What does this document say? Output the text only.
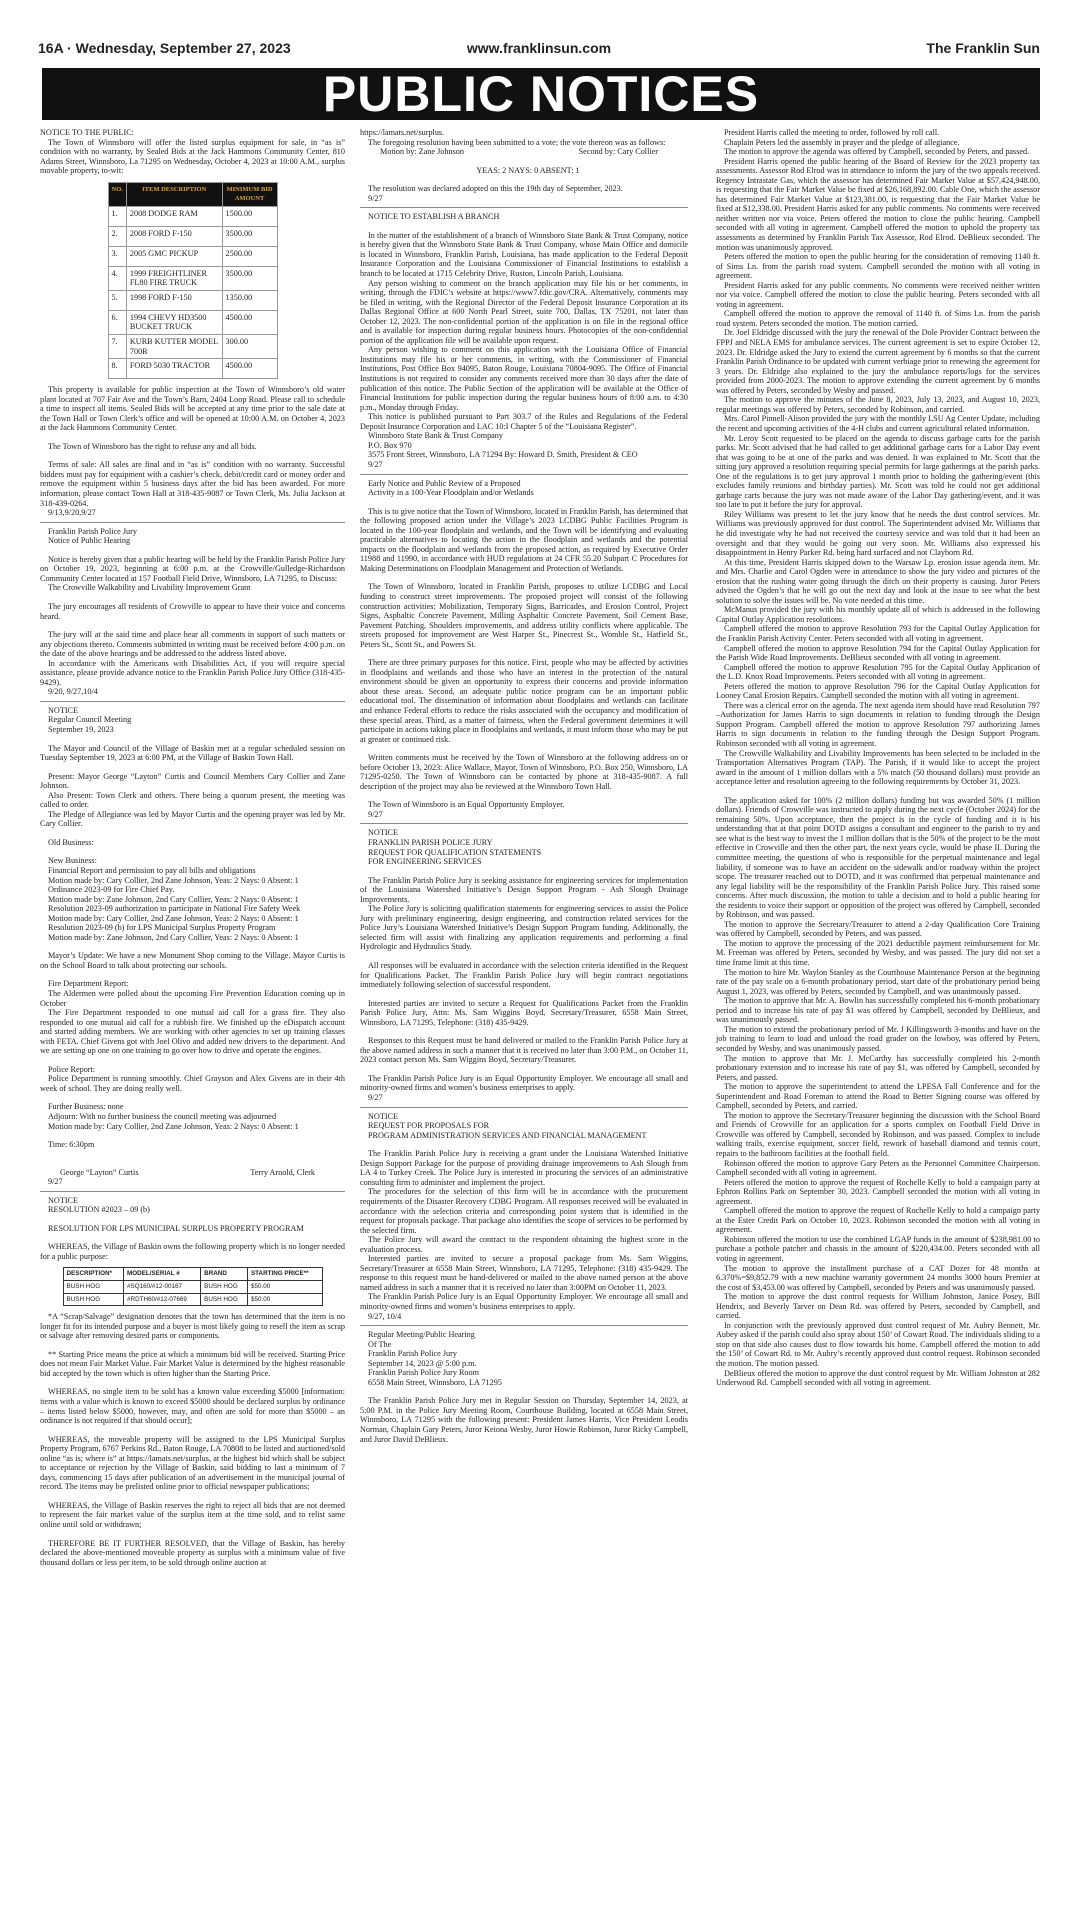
16A · Wednesday, September 27, 2023	www.franklinsun.com	The Franklin Sun
PUBLIC NOTICES

NOTICE TO THE PUBLIC:

The Town of Winnsboro will offer the listed surplus equipment for sale, in “as is” condition with no warranty, by Sealed Bids at the Jack Hammons Community Center, 810 Adams Street, Winnsboro, La 71295 on Wednesday, October 4, 2023 at 10:00 A.M., surplus movable property, to-wit:

NO.	ITEM DESCRIPTION	MINIMUM BID AMOUNT
1.	2008 DODGE RAM	1500.00
2.	2008 FORD F-150	3500.00
3.	2005 GMC PICKUP	2500.00
4.	1999 FREIGHTLINER FL80 FIRE TRUCK	3500.00
5.	1998 FORD F-150	1350.00
6.	1994 CHEVY HD3500 BUCKET TRUCK	4500.00
7.	KURB KUTTER MODEL 700R	300.00
8.	FORD 5030 TRACTOR	4500.00

This property is available for public inspection at the Town of Winnsboro’s old water plant located at 707 Fair Ave and the Town’s Barn, 2404 Loop Road. Please call to schedule a time to inspect all items. Sealed Bids will be accepted at any time prior to the sale date at the Town Hall or Town Clerk’s office and will be opened at 10:00 A.M. on October 4, 2023 at the Jack Hammons Community Center.

The Town of Winnsboro has the right to refuse any and all bids.

Terms of sale: All sales are final and in “as is” condition with no warranty. Successful bidders must pay for equipment with a cashier’s check, debit/credit card or money order and remove the equipment within 5 business days after the bid has been awarded. For more information, please contact Town Hall at 318-435-9087 or Town Clerk, Ms. Julia Jackson at 318-439-0264.

9/13,9/20,9/27

Franklin Parish Police Jury

Notice of Public Hearing

Notice is hereby given that a public hearing will be held by the Franklin Parish Police Jury on October 19, 2023, beginning at 6:00 p.m. at the Crowville/Gulledge-Richardson Community Center located at 157 Football Field Drive, Winnsboro, LA 71295, to Discuss:

The Crowville Walkability and Livability Improvement Grant

The jury encourages all residents of Crowville to appear to have their voice and concerns heard.

The jury will at the said time and place hear all comments in support of such matters or any objections thereto. Comments submitted in writing must be received before 4:00 p.m. on the date of the above hearings and be addressed to the address listed above.

In accordance with the Americans with Disabilities Act, if you will require special assistance, please provide advance notice to the Franklin Parish Police Jury Office (318-435-9429).

9/20, 9/27,10/4

NOTICE

Regular Council Meeting

September 19, 2023

The Mayor and Council of the Village of Baskin met at a regular scheduled session on Tuesday September 19, 2023 at 6:00 PM, at the Village of Baskin Town Hall.

Present: Mayor George “Layton” Curtis and Council Members Cary Collier and Zane Johnson.

Also Present: Town Clerk and others. There being a quorum present, the meeting was called to order.

The Pledge of Allegiance was led by Mayor Curtis and the opening prayer was led by Mr. Cary Collier.

Old Business:

New Business:

Financial Report and permission to pay all bills and obligations

Motion made by: Cary Collier, 2nd Zane Johnson, Yeas: 2 Nays: 0 Absent: 1

Ordinance 2023-09 for Fire Chief Pay.

Motion made by: Zane Johnson, 2nd Cary Collier, Yeas: 2 Nays: 0 Absent: 1

Resolution 2023-09 authorization to participate in National Fire Safety Week

Motion made by: Cary Collier, 2nd Zane Johnson, Yeas: 2 Nays: 0 Absent: 1

Resolution 2023-09 (b) for LPS Municipal Surplus Property Program

Motion made by: Zane Johnson, 2nd Cary Collier, Yeas: 2 Nays: 0 Absent: 1

Mayor’s Update: We have a new Monument Shop coming to the Village. Mayor Curtis is on the School Board to talk about protecting our schools.

Fire Department Report:

The Aldermen were polled about the upcoming Fire Prevention Education coming up in October

The Fire Department responded to one mutual aid call for a grass fire. They also responded to one mutual aid call for a rubbish fire. We finished up the eDispatch account and started adding members. We are working with other agencies to set up training classes with FETA. Chief Givens got with Joel Olivo and added new drivers to the department. And we are setting up one on one training to go over how to drive and operate the engines.

Police Report:

Police Department is running smoothly. Chief Grayson and Alex Givens are in their 4th week of school. They are doing really well.

Further Business: none

Adjourn: With no further business the council meeting was adjourned

Motion made by: Cary Collier, 2nd Zane Johnson, Yeas: 2 Nays: 0 Absent: 1

Time: 6:30pm

George “Layton” Curtis	Terry Arnold, Clerk

9/27

NOTICE

RESOLUTION #2023 – 09 (b)

RESOLUTION FOR LPS MUNICIPAL SURPLUS PROPERTY PROGRAM

WHEREAS, the Village of Baskin owns the following property which is no longer needed for a public purpose:

DESCRIPTION*	MODEL/SERIAL #	BRAND	STARTING PRICE**
BUSH HOG	#SQ160/#12-00167	BUSH HOG	$50.00
BUSH HOG	#RDTH60/#12-07669	BUSH HOG	$50.00

*A “Scrap/Salvage” designation denotes that the town has determined that the item is no longer fit for its intended purpose and a buyer is most likely going to resell the item as scrap or salvage after removing desired parts or components.

** Starting Price means the price at which a minimum bid will be received. Starting Price does not mean Fair Market Value. Fair Market Value is determined by the highest reasonable bid accepted by the town which is often higher than the Starting Price.

WHEREAS, no single item to be sold has a known value exceeding $5000 [information: items with a value which is known to exceed $5000 should be declared surplus by ordinance – items listed below $5000, however, may, and often are sold for more than $5000 – an ordinance is not required if that should occur];

WHEREAS, the moveable property will be assigned to the LPS Municipal Surplus Property Program, 6767 Perkins Rd., Baton Rouge, LA 70808 to be listed and auctioned/sold online “as is; where is” at https://lamats.net/surplus, at the highest bid which shall be subject to acceptance or rejection by the Village of Baskin, said bidding to last a minimum of 7 days, commencing 15 days after publication of an advertisement in the municipal journal of record. The items may be prelisted online prior to official newspaper publications;

WHEREAS, the Village of Baskin reserves the right to reject all bids that are not deemed to represent the fair market value of the surplus item at the time sold, and to relist same online until sold or withdrawn;

THEREFORE BE IT FURTHER RESOLVED, that the Village of Baskin, has hereby declared the above-mentioned moveable property as surplus with a minimum value of five thousand dollars or less per item, to be sold through online auction at

https://lamats.net/surplus.

The foregoing resolution having been submitted to a vote; the vote thereon was as follows:

Motion by: Zane Johnson	Second by: Cary Collier

YEAS: 2 NAYS: 0 ABSENT: 1

The resolution was declared adopted on this the 19th day of September, 2023.

9/27

NOTICE TO ESTABLISH A BRANCH

In the matter of the establishment of a branch of Winnsboro State Bank & Trust Company, notice is hereby given that the Winnsboro State Bank & Trust Company, whose Main Office and domicile is located in Winnsboro, Franklin Parish, Louisiana, has made application to the Federal Deposit Insurance Corporation and the Louisiana Commissioner of Financial Institutions to establish a branch to be located at 1715 Celebrity Drive, Ruston, Lincoln Parish, Louisiana.

Any person wishing to comment on the branch application may file his or her comments, in writing, through the FDIC’s website at https://www7.fdic.gov/CRA. Alternatively, comments may be filed in writing, with the Regional Director of the Federal Deposit Insurance Corporation at its Dallas Regional Office at 600 North Pearl Street, suite 700, Dallas, TX 75201, not later than October 12, 2023. The non-confidential portion of the application is on file in the regional office and is available for inspection during regular business hours. Photocopies of the non-confidential portion of the application file will be available upon request.

Any person wishing to comment on this application with the Louisiana Office of Financial Institutions may file his or her comments, in writing, with the Commissioner of Financial Institutions, Post Office Box 94095, Baton Rouge, Louisiana 70804-9095. The Office of Financial Institutions is not required to consider any comments received more than 30 days after the date of publication of this notice. The Public Section of the application will be available at the Office of Financial Institutions for public inspection during the regular business hours of 8:00 a.m. to 4:30 p.m., Monday through Friday.

This notice is published pursuant to Part 303.7 of the Rules and Regulations of the Federal Deposit Insurance Corporation and LAC 10:I Chapter 5 of the “Louisiana Register”.

Winnsboro State Bank & Trust Company

P.O. Box 970

3575 Front Street, Winnsboro, LA 71294 By: Howard D. Smith, President & CEO

9/27

Early Notice and Public Review of a Proposed

Activity in a 100-Year Floodplain and/or Wetlands

This is to give notice that the Town of Winnsboro, located in Franklin Parish, has determined that the following proposed action under the Village’s 2023 LCDBG Public Facilities Program is located in the 100-year floodplain and wetlands, and the Town will be identifying and evaluating practicable alternatives to locating the action in the floodplain and wetlands and the potential impacts on the floodplain and wetlands from the proposed action, as required by Executive Order 11988 and 11990, in accordance with HUD regulations at 24 CFR 55.20 Subpart C Procedures for Making Determinations on Floodplain Management and Protection of Wetlands.

The Town of Winnsboro, located in Franklin Parish, proposes to utilize LCDBG and Local funding to construct street improvements. The proposed project will consist of the following construction activities: Mobilization, Temporary Signs, Barricades, and Erosion Control, Project Signs, Asphaltic Concrete Pavement, Milling Asphaltic Concrete Pavement, Soil Cement Base, Pavement Patching, Shoulders improvements, and address utility conflicts where applicable. The streets proposed for improvement are West Harper St., Pinecrest St., Womble St., Hatfield St., Peters St., Scott St., and Powers St.

There are three primary purposes for this notice. First, people who may be affected by activities in floodplains and wetlands and those who have an interest in the protection of the natural environment should be given an opportunity to express their concerns and provide information about these areas. Second, an adequate public notice program can be an important public educational tool. The dissemination of information about floodplains and wetlands can facilitate and enhance Federal efforts to reduce the risks associated with the occupancy and modification of these special areas. Third, as a matter of fairness, when the Federal government determines it will participate in actions taking place in floodplains and wetlands, it must inform those who may be put at greater or continued risk.

Written comments must be received by the Town of Winnsboro at the following address on or before October 13, 2023: Alice Wallace, Mayor, Town of Winnsboro, P.O. Box 250, Winnsboro, LA 71295-0250. The Town of Winnsboro can be contacted by phone at 318-435-9087. A full description of the project may also be reviewed at the Winnsboro Town Hall.

The Town of Winnsboro is an Equal Opportunity Employer.

9/27

NOTICE

FRANKLIN PARISH POLICE JURY

REQUEST FOR QUALIFICATION STATEMENTS

FOR ENGINEERING SERVICES

The Franklin Parish Police Jury is seeking assistance for engineering services for implementation of the Louisiana Watershed Initiative’s Design Support Program - Ash Slough Drainage Improvements.

The Police Jury is soliciting qualification statements for engineering services to assist the Police Jury with preliminary engineering, design engineering, and construction related services for the Police Jury’s Louisiana Watershed Initiative’s Design Support Program funding. Additionally, the selected firm will assist with finalizing any application requirements and performing a final Hydrologic and Hydraulics Study.

All responses will be evaluated in accordance with the selection criteria identified in the Request for Qualifications Packet. The Franklin Parish Police Jury will begin contract negotiations immediately following selection of successful respondent.

Interested parties are invited to secure a Request for Qualifications Packet from the Franklin Parish Police Jury, Attn: Ms. Sam Wiggins Boyd, Secretary/Treasurer, 6558 Main Street, Winnsboro, LA 71295, Telephone: (318) 435-9429.

Responses to this Request must be hand delivered or mailed to the Franklin Parish Police Jury at the above named address in such a manner that it is received no later than 3:00 P.M., on October 11, 2023 contact person Ms. Sam Wiggins Boyd, Secretary/Treasurer.

The Franklin Parish Police Jury is an Equal Opportunity Employer. We encourage all small and minority-owned firms and women’s business enterprises to apply.

9/27

NOTICE

REQUEST FOR PROPOSALS FOR

PROGRAM ADMINISTRATION SERVICES AND FINANCIAL MANAGEMENT

The Franklin Parish Police Jury is receiving a grant under the Louisiana Watershed Initiative Design Support Package for the purpose of providing drainage improvements to Ash Slough from LA 4 to Turkey Creek. The Police Jury is interested in procuring the services of an administrative consulting firm to administer and implement the project.

The procedures for the selection of this firm will be in accordance with the procurement requirements of the Disaster Recovery CDBG Program. All responses received will be evaluated in accordance with the selection criteria and corresponding point system that is identified in the request for proposals package. That package also identifies the scope of services to be performed by the selected firm.

The Police Jury will award the contract to the respondent obtaining the highest score in the evaluation process.

Interested parties are invited to secure a proposal package from Ms. Sam Wiggins, Secretary/Treasurer at 6558 Main Street, Winnsboro, LA 71295, Telephone: (318) 435-9429. The response to this request must be hand-delivered or mailed to the above named person at the above named address in such a manner that it is received no later than 3:00PM on October 11, 2023.

The Franklin Parish Police Jury is an Equal Opportunity Employer. We encourage all small and minority-owned firms and women’s business enterprises to apply.

9/27, 10/4

Regular Meeting/Public Hearing

Of The

Franklin Parish Police Jury

September 14, 2023 @ 5:00 p.m.

Franklin Parish Police Jury Room

6558 Main Street, Winnsboro, LA 71295

The Franklin Parish Police Jury met in Regular Session on Thursday, September 14, 2023, at 5:00 P.M. in the Police Jury Meeting Room, Courthouse Building, located at 6558 Main Street, Winnsboro, LA 71295 with the following present: President James Harris, Vice President Leodis Norman, Chaplain Gary Peters, Juror Keiona Wesby, Juror Howie Robinson, Juror Ricky Campbell, and Juror David DeBlieux.

President Harris called the meeting to order, followed by roll call.

Chaplain Peters led the assembly in prayer and the pledge of allegiance.

The motion to approve the agenda was offered by Campbell, seconded by Peters, and passed.

President Harris opened the public hearing of the Board of Review for the 2023 property tax assessments. Assessor Rod Elrod was in attendance to inform the jury of the two appeals received. Regency Intrastate Gas, which the assessor has determined Fair Market Value at $57,424,948.00, is requesting that the Fair Market Value be fixed at $26,168,892.00. Cable One, which the assessor has determined Fair Market Value at $123,381.00, is requesting that the Fair Market Value be fixed at $12,338.00. President Harris asked for any public comments. No comments were received neither written nor via voice. Peters offered the motion to close the public hearing. Campbell seconded with all voting in agreement. Campbell offered the motion to uphold the property tax assessments as determined by Franklin Parish Tax Assessor, Rod Elrod. DeBlieux seconded. The motion was unanimously approved.

Peters offered the motion to open the public hearing for the consideration of removing 1140 ft. of Sims Ln. from the parish road system. Campbell seconded the motion with all voting in agreement.

President Harris asked for any public comments. No comments were received neither written nor via voice. Campbell offered the motion to close the public hearing. Peters seconded with all voting in agreement.

Campbell offered the motion to approve the removal of 1140 ft. of Sims Ln. from the parish road system. Peters seconded the motion. The motion carried.

Dr. Joel Eldridge discussed with the jury the renewal of the Dole Provider Contract between the FPPJ and NELA EMS for ambulance services. The current agreement is set to expire October 12, 2023. Dr. Eldridge asked the Jury to extend the current agreement by 6 months so that the current Franklin Parish Ordinance to be updated with current verbiage prior to renewing the agreement for 3 years. Dr. Eldridge also explained to the jury the ambulance reports/logs for the services provided from 2000-2023. The motion to approve extending the current agreement by 6 months was offered by Peters, seconded by Wesby and passed.

The motion to approve the minutes of the June 8, 2023, July 13, 2023, and August 10, 2023, regular meetings was offered by Peters, seconded by Robinson, and carried.

Mrs. Carol Pinnell-Alison provided the jury with the monthly LSU Ag Center Update, including the recent and upcoming activities of the 4-H clubs and current agricultural related information.

Mr. Leroy Scott requested to be placed on the agenda to discuss garbage carts for the parish parks. Mr. Scott advised that he had called to get additional garbage carts for a Labor Day event that was going to be at one of the parks and was denied. It was explained to Mr. Scott that the sitting jury approved a resolution requiring special permits for large gatherings at the parish parks. One of the regulations is to get jury approval 1 month prior to holding the gathering/event (this excludes family reunions and birthday parties). Mr. Scott was told he could not get additional garbage carts because the jury was not made aware of the Labor Day gathering/event, and it was too late to put it before the jury for approval.

Riley Williams was present to let the jury know that he needs the dust control services. Mr. Williams was previously approved for dust control. The Superintendent advised Mr. Williams that he did investigate why he had not received the courtesy service and was told that it had been an oversight and that they would be going out very soon. Mr. Williams also expressed his disappointment in Henry Parker Rd. being hard surfaced and not Clayborn Rd.

At this time, President Harris skipped down to the Warsaw Lp. erosion issue agenda item. Mr. and Mrs. Charlie and Carol Ogden were in attendance to show the jury video and pictures of the erosion that the rushing water going through the ditch on their property is causing. Juror Peters advised the Ogden’s that he will go out the next day and look at the issue to see what the best solution to solve the issues will be. No vote needed at this time.

McManus provided the jury with his monthly update all of which is addressed in the following Capital Outlay Application resolutions.

Campbell offered the motion to approve Resolution 793 for the Capital Outlay Application for the Franklin Parish Activity Center. Peters seconded with all voting in agreement.

Campbell offered the motion to approve Resolution 794 for the Capital Outlay Application for the Parish Wide Road Improvements. DeBlieux seconded with all voting in agreement.

Campbell offered the motion to approve Resolution 795 for the Capital Outlay Application of the L.D. Knox Road Improvements. Peters seconded with all voting in agreement.

Peters offered the motion to approve Resolution 796 for the Capital Outlay Application for Looney Canal Erosion Repairs. Campbell seconded the motion with all voting in agreement.

There was a clerical error on the agenda. The next agenda item should have read Resolution 797 –Authorization for James Harris to sign documents in relation to funding through the Design Support Program. Campbell offered the motion to approve Resolution 797 authorizing James Harris to sign documents in relation to the funding through the Design Support Program. Robinson seconded with all voting in agreement.

The Crowville Walkability and Livability Improvements has been selected to be included in the Transportation Alternatives Program (TAP). The Parish, if it would like to accept the project award in the amount of 1 million dollars with a 5% match (50 thousand dollars) must provide an acceptance letter and resolution agreeing to the following requirements by October 31, 2023.

The application asked for 100% (2 million dollars) funding but was awarded 50% (1 million dollars). Friends of Crowville was instructed to apply during the next cycle (October 2024) for the remaining 50%. Upon acceptance, then the project is in the cycle of funding and it is his understanding that at that point DOTD assigns a consultant and engineer to the parish to try and see what is the best way to invest the 1 million dollars that is the 50% of the project to be the most effective in Crowville and then the other part, the next years cycle, would be phase II. During the committee meeting, the questions of who is responsible for the perpetual maintenance and legal liability, if someone was to have an accident on the sidewalk and/or roadway within the project scope. The treasurer reached out to DOTD, and it was confirmed that perpetual maintenance and any legal liability will be the responsibility of the Franklin Parish Police Jury. This raised some concerns. After much discussion, the motion to table a decision and to hold a public hearing for the residents to voice their support or opposition of the project was offered by Campbell, seconded by Robinson, and was passed.

The motion to approve the Secretary/Treasurer to attend a 2-day Qualification Core Training was offered by Campbell, seconded by Peters, and was passed.

The motion to approve the processing of the 2021 deductible payment reimbursement for Mr. M. Freeman was offered by Peters, seconded by Wesby, and was passed. The jury did not set a time frame limit at this time.

The motion to hire Mr. Waylon Stanley as the Courthouse Maintenance Person at the beginning rate of the pay scale on a 6-month probationary period, start date of the probationary period being August 1, 2023, was offered by Peters, seconded by Campbell, and was unanimously passed.

The motion to approve that Mr. A. Bowlin has successfully completed his 6-month probationary period and to increase his rate of pay $1 was offered by Campbell, seconded by DeBlieux, and was unanimously passed.

The motion to extend the probationary period of Mr. J Killingsworth 3-months and have on the job training to learn to load and unload the road grader on the lowboy, was offered by Peters, seconded by Wesby, and was unanimously passed.

The motion to approve that Mr. J. McCarthy has successfully completed his 2-month probationary extension and to increase his rate of pay $1, was offered by Campbell, seconded by Peters, and passed.

The motion to approve the superintendent to attend the LPESA Fall Conference and for the Superintendent and Road Foreman to attend the Road to Better Signing course was offered by Campbell, seconded by Peters, and carried.

The motion to approve the Secretary/Treasurer beginning the discussion with the School Board and Friends of Crowville for an application for a sports complex on Football Field Drive in Crowville was offered by Campbell, seconded by Robinson, and was passed. Complex to include walking trails, exercise equipment, soccer field, rework of baseball diamond and tennis court, repairs to the bathroom facilities at the football field.

Robinson offered the motion to approve Gary Peters as the Personnel Committee Chairperson. Campbell seconded with all voting in agreement.

Peters offered the motion to approve the request of Rochelle Kelly to hold a campaign party at Ephron Rollins Park on September 30, 2023. Campbell seconded the motion with all voting in agreement.

Campbell offered the motion to approve the request of Rochelle Kelly to hold a campaign party at the Ester Credit Park on October 10, 2023. Robinson seconded the motion with all voting in agreement.

Robinson offered the motion to use the combined LGAP funds in the amount of $238,981.00 to purchase a pothole patcher and chassis in the amount of $220,434.00. Peters seconded with all voting in agreement.

The motion to approve the installment purchase of a CAT Dozer for 48 months at 6.370%=$9,852.79 with a new machine warranty government 24 months 3000 hours Premier at the cost of $3,453.00 was offered by Campbell, seconded by Peters and was unanimously passed.

The motion to approve the dust control requests for William Johnston, Janice Posey, Bill Hendrix, and Beverly Tarver on Dean Rd. was offered by Peters, seconded by Campbell, and carried.

In conjunction with the previously approved dust control request of Mr. Aubry Bennett, Mr. Aubey asked if the parish could also spray about 150’ of Cowart Road. The individuals sliding to a stop on that side also causes dust to flow towards his home. Campbell offered the motion to add the 150’ of Cowart Rd. to Mr. Aubry’s recently approved dust control request. Robinson seconded the motion. The motion passed.

DeBlieux offered the motion to approve the dust control request by Mr. William Johnston at 282 Underwood Rd. Campbell seconded with all voting in agreement.
